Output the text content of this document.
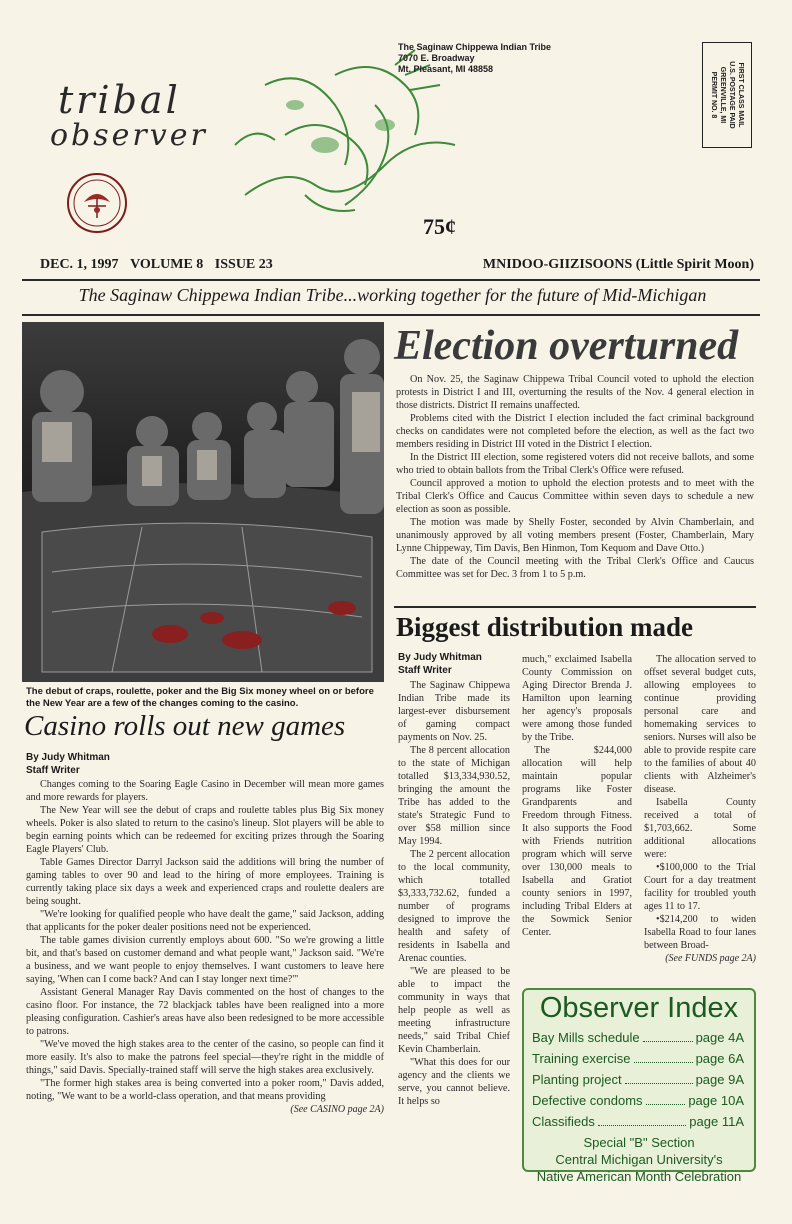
tribal
observer
The Saginaw Chippewa Indian Tribe
7070 E. Broadway
Mt. Pleasant, MI 48858	FIRST CLASS MAIL
U.S. POSTAGE PAID
GREENVILLE, MI
PERMIT NO. 8
75¢
DEC. 1, 1997 VOLUME 8 ISSUE 23	MNIDOO-GIIZISOONS (Little Spirit Moon)
The Saginaw Chippewa Indian Tribe...working together for the future of Mid-Michigan
The debut of craps, roulette, poker and the Big Six money wheel on or before the New Year are a few of the changes coming to the casino.
Casino rolls out new games
By Judy Whitman
Staff Writer

Changes coming to the Soaring Eagle Casino in December will mean more games and more rewards for players.

The New Year will see the debut of craps and roulette tables plus Big Six money wheels. Poker is also slated to return to the casino's lineup. Slot players will be able to begin earning points which can be redeemed for exciting prizes through the Soaring Eagle Players' Club.

Table Games Director Darryl Jackson said the additions will bring the number of gaming tables to over 90 and lead to the hiring of more employees. Training is currently taking place six days a week and experienced craps and roulette dealers are being sought.

"We're looking for qualified people who have dealt the game," said Jackson, adding that applicants for the poker dealer positions need not be experienced.

The table games division currently employs about 600. "So we're growing a little bit, and that's based on customer demand and what people want," Jackson said. "We're a business, and we want people to enjoy themselves. I want customers to leave here saying, 'When can I come back? And can I stay longer next time?'"

Assistant General Manager Ray Davis commented on the host of changes to the casino floor. For instance, the 72 blackjack tables have been realigned into a more pleasing configuration. Cashier's areas have also been redesigned to be more accessible to patrons.

"We've moved the high stakes area to the center of the casino, so people can find it more easily. It's also to make the patrons feel special—they're right in the middle of things," said Davis. Specially-trained staff will serve the high stakes area exclusively.

"The former high stakes area is being converted into a poker room," Davis added, noting, "We want to be a world-class operation, and that means providing

(See CASINO page 2A)
Election overturned

On Nov. 25, the Saginaw Chippewa Tribal Council voted to uphold the election protests in District I and III, overturning the results of the Nov. 4 general election in those districts. District II remains unaffected.

Problems cited with the District I election included the fact criminal background checks on candidates were not completed before the election, as well as the fact two members residing in District III voted in the District I election.

In the District III election, some registered voters did not receive ballots, and some who tried to obtain ballots from the Tribal Clerk's Office were refused.

Council approved a motion to uphold the election protests and to meet with the Tribal Clerk's Office and Caucus Committee within seven days to schedule a new election as soon as possible.

The motion was made by Shelly Foster, seconded by Alvin Chamberlain, and unanimously approved by all voting members present (Foster, Chamberlain, Mary Lynne Chippeway, Tim Davis, Ben Hinmon, Tom Kequom and Dave Otto.)

The date of the Council meeting with the Tribal Clerk's Office and Caucus Committee was set for Dec. 3 from 1 to 5 p.m.

Biggest distribution made
By Judy Whitman
Staff Writer

The Saginaw Chippewa Indian Tribe made its largest-ever disbursement of gaming compact payments on Nov. 25.

The 8 percent allocation to the state of Michigan totalled $13,334,930.52, bringing the amount the Tribe has added to the state's Strategic Fund to over $58 million since May 1994.

The 2 percent allocation to the local community, which totalled $3,333,732.62, funded a number of programs designed to improve the health and safety of residents in Isabella and Arenac counties.

"We are pleased to be able to impact the community in ways that help people as well as meeting infrastructure needs," said Tribal Chief Kevin Chamberlain.

"What this does for our agency and the clients we serve, you cannot believe. It helps so

much," exclaimed Isabella County Commission on Aging Director Brenda J. Hamilton upon learning her agency's proposals were among those funded by the Tribe.

The $244,000 allocation will help maintain popular programs like Foster Grandparents and Freedom through Fitness. It also supports the Food with Friends nutrition program which will serve over 130,000 meals to Isabella and Gratiot county seniors in 1997, including Tribal Elders at the Sowmick Senior Center.

The allocation served to offset several budget cuts, allowing employees to continue providing personal care and homemaking services to seniors. Nurses will also be able to provide respite care to the families of about 40 clients with Alzheimer's disease.

Isabella County received a total of $1,703,662. Some additional allocations were:

•$100,000 to the Trial Court for a day treatment facility for troubled youth ages 11 to 17.

•$214,200 to widen Isabella Road to four lanes between Broad-

(See FUNDS page 2A)
Observer Index
Bay Mills schedule	page 4A
Training exercise	page 6A
Planting project	page 9A
Defective condoms	page 10A
Classifieds	page 11A
Special "B" Section
Central Michigan University's
Native American Month Celebration
